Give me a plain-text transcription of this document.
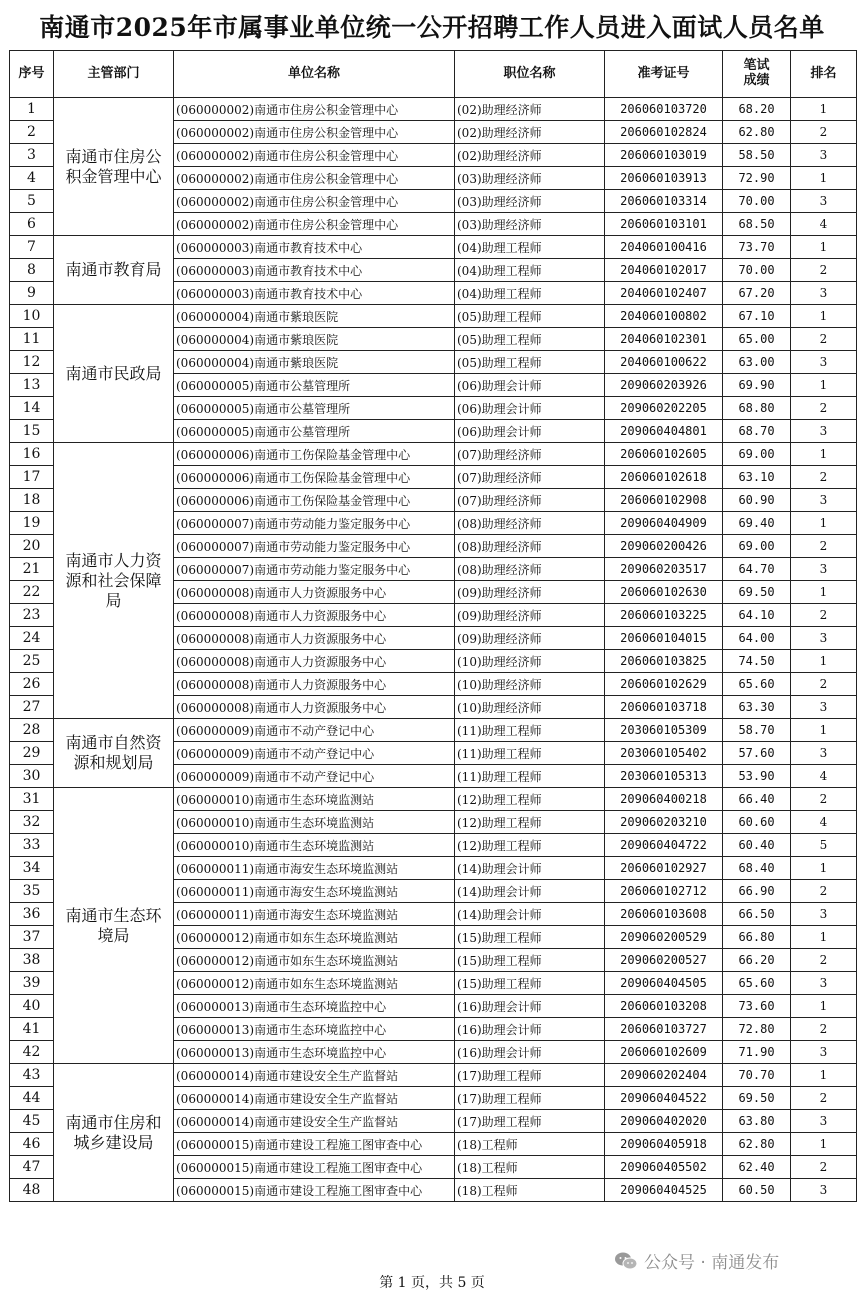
南通市2025年市属事业单位统一公开招聘工作人员进入面试人员名单
序号	主管部门	单位名称	职位名称	准考证号	笔试成绩	排名
1	南通市住房公积金管理中心	(060000002)南通市住房公积金管理中心	(02)助理经济师	206060103720	68.20	1
2		(060000002)南通市住房公积金管理中心	(02)助理经济师	206060102824	62.80	2
3		(060000002)南通市住房公积金管理中心	(02)助理经济师	206060103019	58.50	3
4		(060000002)南通市住房公积金管理中心	(03)助理经济师	206060103913	72.90	1
5		(060000002)南通市住房公积金管理中心	(03)助理经济师	206060103314	70.00	3
6		(060000002)南通市住房公积金管理中心	(03)助理经济师	206060103101	68.50	4
7	南通市教育局	(060000003)南通市教育技术中心	(04)助理工程师	204060100416	73.70	1
8		(060000003)南通市教育技术中心	(04)助理工程师	204060102017	70.00	2
9		(060000003)南通市教育技术中心	(04)助理工程师	204060102407	67.20	3
10	南通市民政局	(060000004)南通市紫琅医院	(05)助理工程师	204060100802	67.10	1
11		(060000004)南通市紫琅医院	(05)助理工程师	204060102301	65.00	2
12		(060000004)南通市紫琅医院	(05)助理工程师	204060100622	63.00	3
13		(060000005)南通市公墓管理所	(06)助理会计师	209060203926	69.90	1
14		(060000005)南通市公墓管理所	(06)助理会计师	209060202205	68.80	2
15		(060000005)南通市公墓管理所	(06)助理会计师	209060404801	68.70	3
16	南通市人力资源和社会保障局	(060000006)南通市工伤保险基金管理中心	(07)助理经济师	206060102605	69.00	1
17		(060000006)南通市工伤保险基金管理中心	(07)助理经济师	206060102618	63.10	2
18		(060000006)南通市工伤保险基金管理中心	(07)助理经济师	206060102908	60.90	3
19		(060000007)南通市劳动能力鉴定服务中心	(08)助理经济师	209060404909	69.40	1
20		(060000007)南通市劳动能力鉴定服务中心	(08)助理经济师	209060200426	69.00	2
21		(060000007)南通市劳动能力鉴定服务中心	(08)助理经济师	209060203517	64.70	3
22		(060000008)南通市人力资源服务中心	(09)助理经济师	206060102630	69.50	1
23		(060000008)南通市人力资源服务中心	(09)助理经济师	206060103225	64.10	2
24		(060000008)南通市人力资源服务中心	(09)助理经济师	206060104015	64.00	3
25		(060000008)南通市人力资源服务中心	(10)助理经济师	206060103825	74.50	1
26		(060000008)南通市人力资源服务中心	(10)助理经济师	206060102629	65.60	2
27		(060000008)南通市人力资源服务中心	(10)助理经济师	206060103718	63.30	3
28	南通市自然资源和规划局	(060000009)南通市不动产登记中心	(11)助理工程师	203060105309	58.70	1
29		(060000009)南通市不动产登记中心	(11)助理工程师	203060105402	57.60	3
30		(060000009)南通市不动产登记中心	(11)助理工程师	203060105313	53.90	4
31	南通市生态环境局	(060000010)南通市生态环境监测站	(12)助理工程师	209060400218	66.40	2
32		(060000010)南通市生态环境监测站	(12)助理工程师	209060203210	60.60	4
33		(060000010)南通市生态环境监测站	(12)助理工程师	209060404722	60.40	5
34		(060000011)南通市海安生态环境监测站	(14)助理会计师	206060102927	68.40	1
35		(060000011)南通市海安生态环境监测站	(14)助理会计师	206060102712	66.90	2
36		(060000011)南通市海安生态环境监测站	(14)助理会计师	206060103608	66.50	3
37		(060000012)南通市如东生态环境监测站	(15)助理工程师	209060200529	66.80	1
38		(060000012)南通市如东生态环境监测站	(15)助理工程师	209060200527	66.20	2
39		(060000012)南通市如东生态环境监测站	(15)助理工程师	209060404505	65.60	3
40		(060000013)南通市生态环境监控中心	(16)助理会计师	206060103208	73.60	1
41		(060000013)南通市生态环境监控中心	(16)助理会计师	206060103727	72.80	2
42		(060000013)南通市生态环境监控中心	(16)助理会计师	206060102609	71.90	3
43	南通市住房和城乡建设局	(060000014)南通市建设安全生产监督站	(17)助理工程师	209060202404	70.70	1
44		(060000014)南通市建设安全生产监督站	(17)助理工程师	209060404522	69.50	2
45		(060000014)南通市建设安全生产监督站	(17)助理工程师	209060402020	63.80	3
46		(060000015)南通市建设工程施工图审查中心	(18)工程师	209060405918	62.80	1
47		(060000015)南通市建设工程施工图审查中心	(18)工程师	209060405502	62.40	2
48		(060000015)南通市建设工程施工图审查中心	(18)工程师	209060404525	60.50	3
公众号 · 南通发布
第 1 页，共 5 页
